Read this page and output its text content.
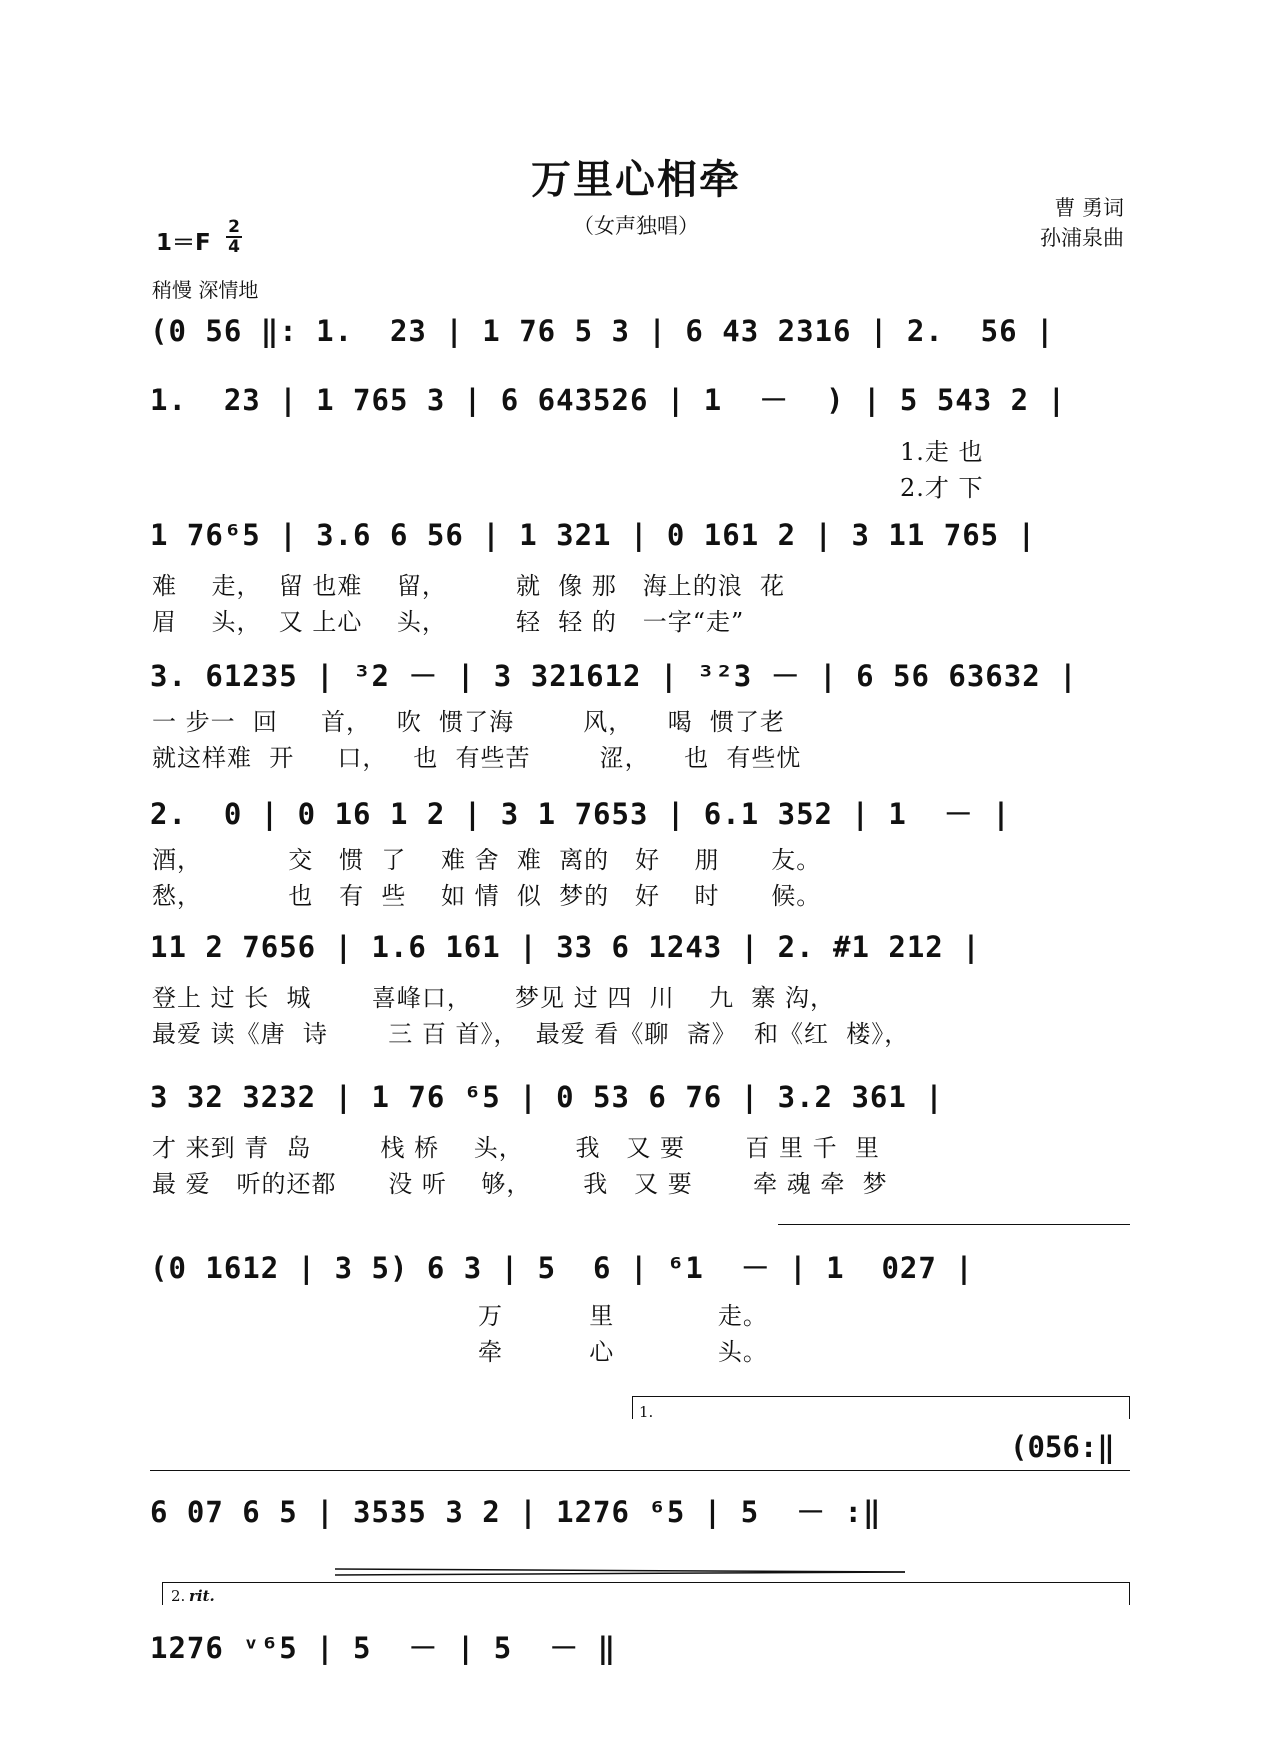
万里心相牵
（女声独唱）
曹 勇词
孙浦泉曲
1＝F
2
4
稍慢 深情地
(0 56 ‖: 1.  23 | 1 76 5 3 | 6 43 2316 | 2.  56 |
1.  23 | 1 765 3 | 6 643526 | 1  －  ) | 5 543 2 |
1.走 也
2.才 下
1 76⁶5 | 3.6 6 56 | 1 321 | 0 161 2 | 3 11 765 |
难    走，  留 也难    留，        就  像 那   海上的浪  花
眉    头，  又 上心    头，        轻  轻 的   一字“走”
3. 61235 | ³2 － | 3 321612 | ³²3 － | 6 56 63632 |
一 步一  回     首，   吹  惯了海        风，    喝  惯了老
就这样难  开     口，   也  有些苦        涩，    也  有些忧
2.  0 | 0 16 1 2 | 3 1 7653 | 6.1 352 | 1  － |
酒，          交   惯  了    难 舍  难  离的   好    朋      友。
愁，          也   有  些    如 情  似  梦的   好    时      候。
11 2 7656 | 1.6 161 | 33 6 1243 | 2. #1 212 |
登上 过 长  城       喜峰口，     梦见 过 四  川    九  寨 沟，
最爱 读《唐  诗       三 百 首》，  最爱 看《聊  斋》  和《红  楼》，
3 32 3232 | 1 76 ⁶5 | 0 53 6 76 | 3.2 361 |
才 来到 青  岛        栈 桥    头，      我   又 要       百 里 千  里
最 爱   听的还都      没 听    够，      我   又 要       牵 魂 牵  梦
(0 1612 | 3 5) 6 3 | 5  6 | ⁶1  － | 1  027 |
万          里            走。
牵          心            头。
1.
(056:‖
6 07 6 5 | 3535 3 2 | 1276 ⁶5 | 5  － :‖
2. rit.
1276 ᵛ⁶5 | 5  － | 5  － ‖
